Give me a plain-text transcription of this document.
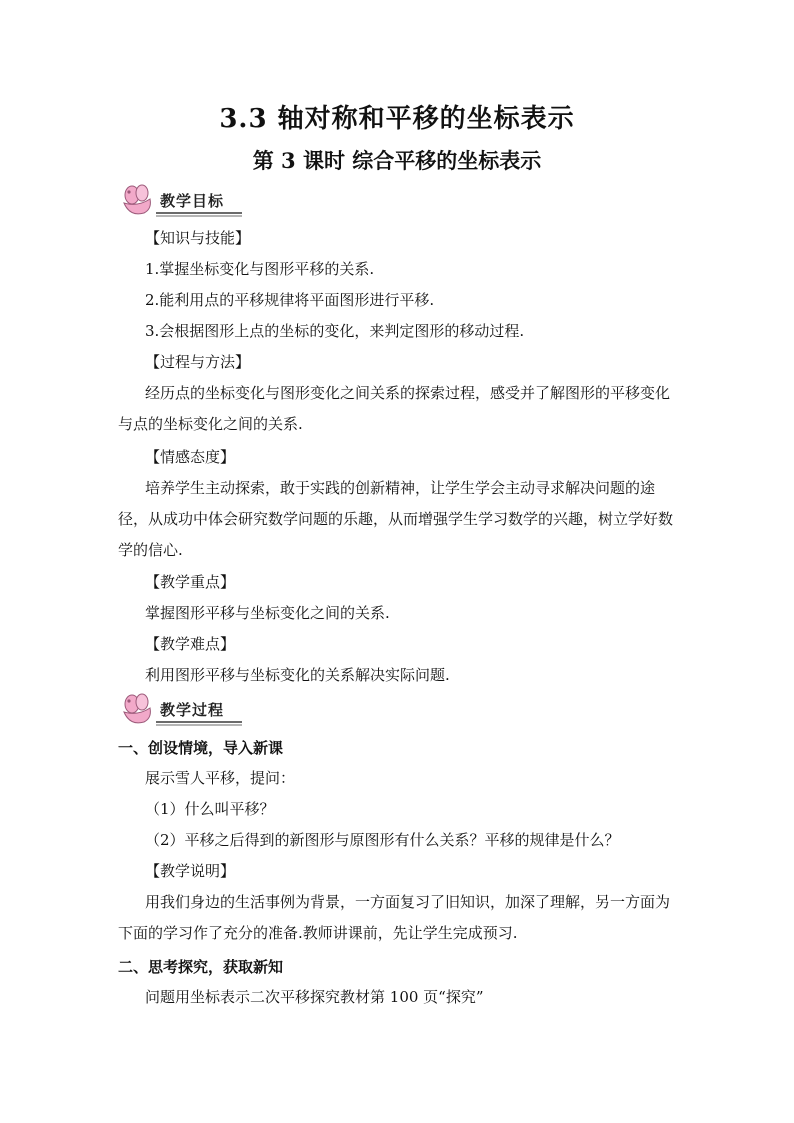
3.3 轴对称和平移的坐标表示
第 3 课时 综合平移的坐标表示
教学目标
【知识与技能】
1.掌握坐标变化与图形平移的关系.
2.能利用点的平移规律将平面图形进行平移.
3.会根据图形上点的坐标的变化，来判定图形的移动过程.
【过程与方法】
经历点的坐标变化与图形变化之间关系的探索过程，感受并了解图形的平移变化与点的坐标变化之间的关系.
【情感态度】
培养学生主动探索，敢于实践的创新精神，让学生学会主动寻求解决问题的途径，从成功中体会研究数学问题的乐趣，从而增强学生学习数学的兴趣，树立学好数学的信心.
【教学重点】
掌握图形平移与坐标变化之间的关系.
【教学难点】
利用图形平移与坐标变化的关系解决实际问题.
教学过程
一、创设情境，导入新课
展示雪人平移，提问：
（1）什么叫平移？
（2）平移之后得到的新图形与原图形有什么关系？平移的规律是什么？
【教学说明】
用我们身边的生活事例为背景，一方面复习了旧知识，加深了理解，另一方面为下面的学习作了充分的准备.教师讲课前，先让学生完成预习.
二、思考探究，获取新知
问题用坐标表示二次平移探究教材第 100 页“探究”
